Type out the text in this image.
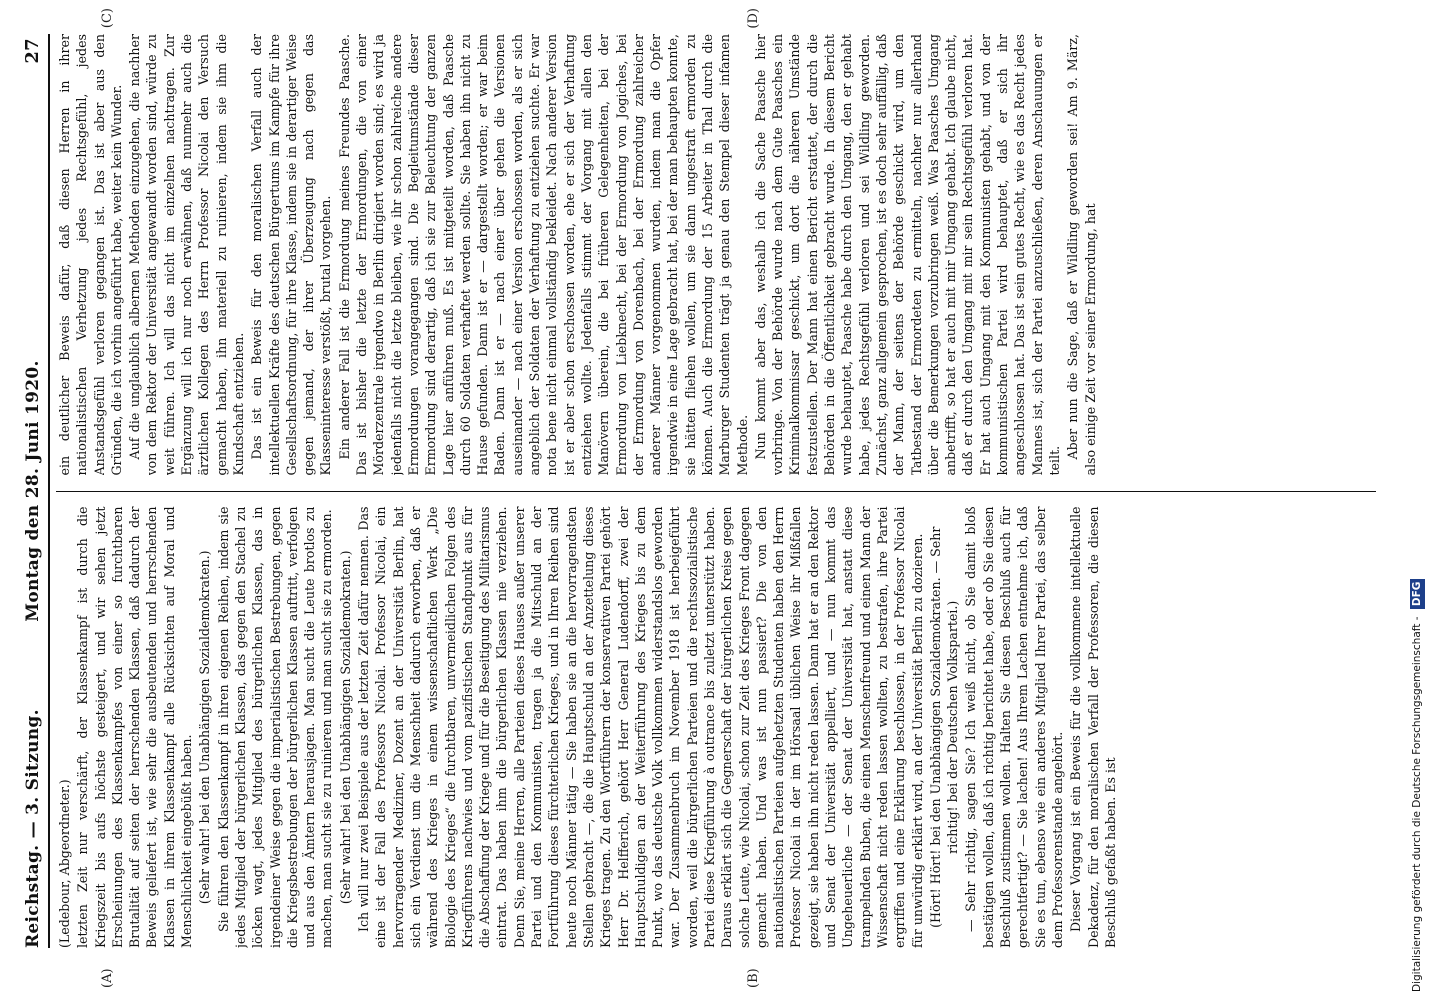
Reichstag. — 3. Sitzung.
Montag den 28. Juni 1920.
27
(A)	(B)
(C)	(D)

(Ledebour, Abgeordneter.) letzten Zeit nur verschärft, der Klassenkampf ist durch die Kriegszeit bis aufs höchste gesteigert, und wir sehen jetzt Erscheinungen des Klassenkampfes von einer so furchtbaren Brutalität auf seiten der herrschenden Klassen, daß dadurch der Beweis geliefert ist, wie sehr die ausbeutenden und herrschenden Klassen in ihrem Klassenkampf alle Rücksichten auf Moral und Menschlichkeit eingebüßt haben. (Sehr wahr! bei den Unabhängigen Sozialdemokraten.) Sie führen den Klassenkampf in ihren eigenen Reihen, indem sie jedes Mitglied der bürgerlichen Klassen, das gegen den Stachel zu löcken wagt, jedes Mitglied des bürgerlichen Klassen, das in irgendeiner Weise gegen die imperialistischen Bestrebungen, gegen die Kriegsbestrebungen der bürgerlichen Klassen auftritt, verfolgen und aus den Ämtern herausjagen. Man sucht die Leute brotlos zu machen, man sucht sie zu ruinieren und man sucht sie zu ermorden. (Sehr wahr! bei den Unabhängigen Sozialdemokraten.) Ich will nur zwei Beispiele aus der letzten Zeit dafür nennen. Das eine ist der Fall des Professors Nicolai. Professor Nicolai, ein hervorragender Mediziner, Dozent an der Universität Berlin, hat sich ein Verdienst um die Menschheit dadurch erworben, daß er während des Krieges in einem wissenschaftlichen Werk „Die Biologie des Krieges“ die furchtbaren, unvermeidlichen Folgen des Kriegführens nachwies und vom pazifistischen Standpunkt aus für die Abschaffung der Kriege und für die Beseitigung des Militarismus eintrat. Das haben ihm die bürgerlichen Klassen nie verziehen. Denn Sie, meine Herren, alle Parteien dieses Hauses außer unserer Partei und den Kommunisten, tragen ja die Mitschuld an der Fortführung dieses fürchterlichen Krieges, und in Ihren Reihen sind heute noch Männer tätig — Sie haben sie an die hervorragendsten Stellen gebracht —, die die Hauptschuld an der Anzettelung dieses Krieges tragen. Zu den Wortführern der konservativen Partei gehört Herr Dr. Helfferich, gehört Herr General Ludendorff, zwei der Hauptschuldigen an der Weiterführung des Krieges bis zu dem Punkt, wo das deutsche Volk vollkommen widerstandslos geworden war. Der Zusammenbruch im November 1918 ist herbeigeführt worden, weil die bürgerlichen Parteien und die rechtssozialistische Partei diese Kriegführung à outrance bis zuletzt unterstützt haben. Daraus erklärt sich die Gegnerschaft der bürgerlichen Kreise gegen solche Leute, wie Nicolai, schon zur Zeit des Krieges Front dagegen gemacht haben. Und was ist nun passiert? Die von den nationalistischen Parteien aufgehetzten Studenten haben den Herrn Professor Nicolai in der im Hörsaal üblichen Weise ihr Mißfallen gezeigt, sie haben ihn nicht reden lassen. Dann hat er an den Rektor und Senat der Universität appelliert, und — nun kommt das Ungeheuerliche — der Senat der Universität hat, anstatt diese trampelnden Buben, die einen Menschenfreund und einen Mann der Wissenschaft nicht reden lassen wollten, zu bestrafen, ihre Partei ergriffen und eine Erklärung beschlossen, in der Professor Nicolai für unwürdig erklärt wird, an der Universität Berlin zu dozieren. (Hört! Hört! bei den Unabhängigen Sozialdemokraten. — Sehr richtig! bei der Deutschen Volkspartei.) — Sehr richtig, sagen Sie? Ich weiß nicht, ob Sie damit bloß bestätigen wollen, daß ich richtig berichtet habe, oder ob Sie diesen Beschluß zustimmen wollen. Halten Sie diesen Beschluß auch für gerechtfertigt? — Sie lachen! Aus Ihrem Lachen entnehme ich, daß Sie es tun, ebenso wie ein anderes Mitglied Ihrer Partei, das selber dem Professorenstande angehört. Dieser Vorgang ist ein Beweis für die vollkommene intellektuelle Dekadenz, für den moralischen Verfall der Professoren, die diesen Beschluß gefaßt haben. Es ist

ein deutlicher Beweis dafür, daß diesen Herren in ihrer nationalistischen Verhetzung jedes Rechtsgefühl, jedes Anstandsgefühl verloren gegangen ist. Das ist aber aus den Gründen, die ich vorhin angeführt habe, weiter kein Wunder. Auf die unglaublich albernen Methoden einzugehen, die nachher von dem Rektor der Universität angewandt worden sind, würde zu weit führen. Ich will das nicht im einzelnen nachtragen. Zur Ergänzung will ich nur noch erwähnen, daß nunmehr auch die ärztlichen Kollegen des Herrn Professor Nicolai den Versuch gemacht haben, ihn materiell zu ruinieren, indem sie ihm die Kundschaft entziehen. Das ist ein Beweis für den moralischen Verfall auch der intellektuellen Kräfte des deutschen Bürgertums im Kampfe für ihre Gesellschaftsordnung, für ihre Klasse, indem sie in derartiger Weise gegen jemand, der ihrer Überzeugung nach gegen das Klasseninteresse verstößt, brutal vorgehen. Ein anderer Fall ist die Ermordung meines Freundes Paasche. Das ist bisher die letzte der Ermordungen, die von einer Mörderzentrale irgendwo in Berlin dirigiert worden sind; es wird ja jedenfalls nicht die letzte bleiben, wie ihr schon zahlreiche andere Ermordungen vorangegangen sind. Die Begleitumstände dieser Ermordung sind derartig, daß ich sie zur Beleuchtung der ganzen Lage hier anführen muß. Es ist mitgeteilt worden, daß Paasche durch 60 Soldaten verhaftet werden sollte. Sie haben ihn nicht zu Hause gefunden. Dann ist er — dargestellt worden; er war beim Baden. Dann ist er — nach einer über gehen die Versionen auseinander — nach einer Version erschossen worden, als er sich angeblich der Soldaten der Verhaftung zu entziehen suchte. Er war nota bene nicht einmal vollständig bekleidet. Nach anderer Version ist er aber schon erschossen worden, ehe er sich der Verhaftung entziehen wollte. Jedenfalls stimmt der Vorgang mit allen den Manövern überein, die bei früheren Gelegenheiten, bei der Ermordung von Liebknecht, bei der Ermordung von Jogiches, bei der Ermordung von Dorenbach, bei der Ermordung zahlreicher anderer Männer vorgenommen wurden, indem man die Opfer irgendwie in eine Lage gebracht hat, bei der man behaupten konnte, sie hätten fliehen wollen, um sie dann ungestraft ermorden zu können. Auch die Ermordung der 15 Arbeiter in Thal durch die Marburger Studenten trägt ja genau den Stempel dieser infamen Methode. Nun kommt aber das, weshalb ich die Sache Paasche hier vorbringe. Von der Behörde wurde nach dem Gute Paasches ein Kriminalkommissar geschickt, um dort die näheren Umstände festzustellen. Der Mann hat einen Bericht erstattet, der durch die Behörden in die Öffentlichkeit gebracht wurde. In diesem Bericht wurde behauptet, Paasche habe durch den Umgang, den er gehabt habe, jedes Rechtsgefühl verloren und sei Wildling geworden. Zunächst, ganz allgemein gesprochen, ist es doch sehr auffällig, daß der Mann, der seitens der Behörde geschickt wird, um den Tatbestand der Ermordeten zu ermitteln, nachher nur allerhand über die Bemerkungen vorzubringen weiß. Was Paasches Umgang anbetrifft, so hat er auch mit mir Umgang gehabt. Ich glaube nicht, daß er durch den Umgang mit mir sein Rechtsgefühl verloren hat. Er hat auch Umgang mit den Kommunisten gehabt, und von der kommunistischen Partei wird behauptet, daß er sich ihr angeschlossen hat. Das ist sein gutes Recht, wie es das Recht jedes Mannes ist, sich der Partei anzuschließen, deren Anschauungen er teilt.

Aber nun die Sage, daß er Wildling geworden sei! Am 9. März, also einige Zeit vor seiner Ermordung, hat

Digitalisierung gefördert durch die Deutsche Forschungsgemeinschaft - DFG
